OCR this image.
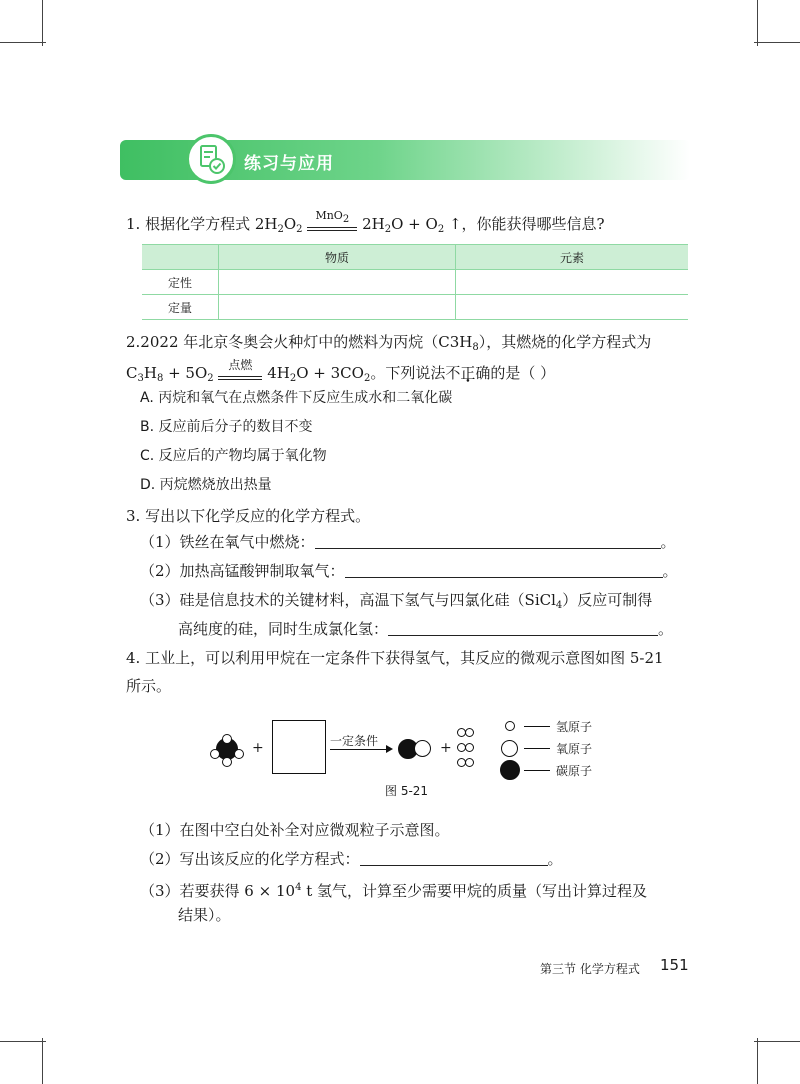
练习与应用
1. 根据化学方程式 $2H_2O_2$
MnO2 $2H_2O + O_2$ ↑，你能获得哪些信息?
	物质	元素
定性		
定量		
2.2022 年北京冬奥会火种灯中的燃料为丙烷$(C3H_8)$，其燃烧的化学方程式为
$C_3H_8 + 5O_2$
点燃 $4H_2O + 3CO_2$。下列说法不正确的是（ ）
A. 丙烷和氧气在点燃条件下反应生成水和二氧化碳
B. 反应前后分子的数目不变
C. 反应后的产物均属于氧化物
D. 丙烷燃烧放出热量
3. 写出以下化学反应的化学方程式。
（1）铁丝在氧气中燃烧：	。
（2）加热高锰酸钾制取氧气：	。
（3）硅是信息技术的关键材料，高温下氢气与四氯化硅（SiCl$_4$）反应可制得
高纯度的硅，同时生成氯化氢：	。
4. 工业上，可以利用甲烷在一定条件下获得氢气，其反应的微观示意图如图 5-21
所示。
+	一定条件	+
氢原子
氧原子
碳原子
图 5-21
（1）在图中空白处补全对应微观粒子示意图。
（2）写出该反应的化学方程式：	。
（3）若要获得 $6 \times 10^4$ t 氢气，计算至少需要甲烷的质量（写出计算过程及
结果）。
第三节 化学方程式 151
